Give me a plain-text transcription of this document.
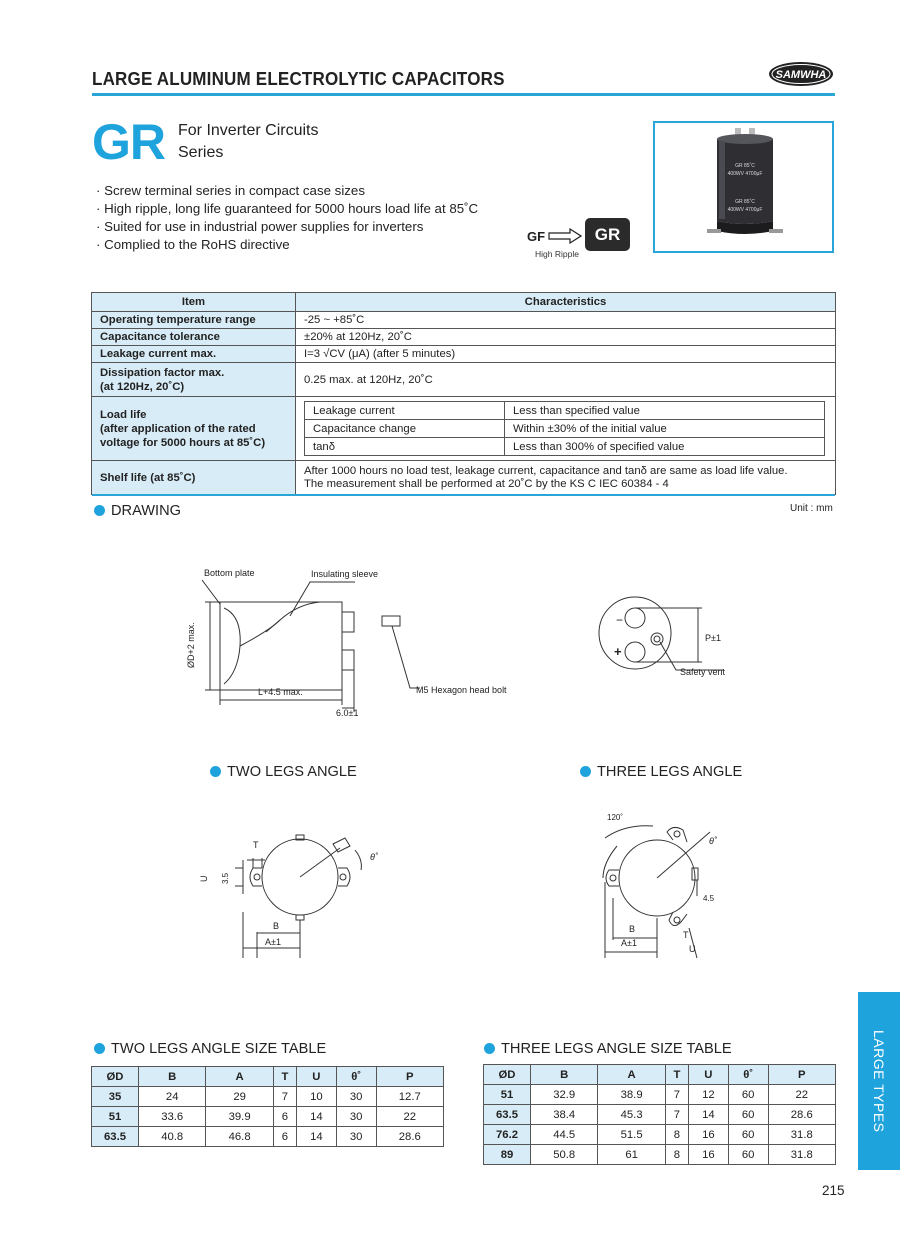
LARGE ALUMINUM ELECTROLYTIC CAPACITORS	SAMWHA
GR For Inverter Circuits
Series
· Screw terminal series in compact case sizes
· High ripple, long life guaranteed for 5000 hours load life at 85˚C
· Suited for use in industrial power supplies for inverters
· Complied to the RoHS directive
GF	GR
High Ripple
GR 85˚C
400WV 4700μF
GR 85˚C
400WV 4700μF
Item	Characteristics
Operating temperature range	-25 ~ +85˚C
Capacitance tolerance	±20% at 120Hz, 20˚C
Leakage current max.	I=3 √CV (μA) (after 5 minutes)

Dissipation factor max.
(at 120Hz, 20˚C)
	0.25 max. at 120Hz, 20˚C

Load life
(after application of the rated
voltage for 5000 hours at 85˚C)

Leakage current	Less than specified value
Capacitance change	Within ±30% of the initial value
tanδ	Less than 300% of specified value

Shelf life (at 85˚C)	
After 1000 hours no load test, leakage current, capacitance and tanδ are same as load life value.
The measurement shall be performed at 20˚C by the KS C IEC 60384 - 4
DRAWING	Unit : mm
Bottom plate	Insulating sleeve
ØD+2 max.
L+4.5 max.	M5 Hexagon head bolt
6.0±1
−
+
P±1
Safety vent
TWO LEGS ANGLE
T
U 3.5
B
A±1
θ˚
THREE LEGS ANGLE
120˚
θ˚
4.5
B
A±1
T
U
TWO LEGS ANGLE SIZE TABLE
ØD	B	A	T	U	θ˚	P
35	24	29	7	10	30	12.7
51	33.6	39.9	6	14	30	22
63.5	40.8	46.8	6	14	30	28.6
THREE LEGS ANGLE SIZE TABLE
ØD	B	A	T	U	θ˚	P
51	32.9	38.9	7	12	60	22
63.5	38.4	45.3	7	14	60	28.6
76.2	44.5	51.5	8	16	60	31.8
89	50.8	61	8	16	60	31.8
LARGE TYPES
215
